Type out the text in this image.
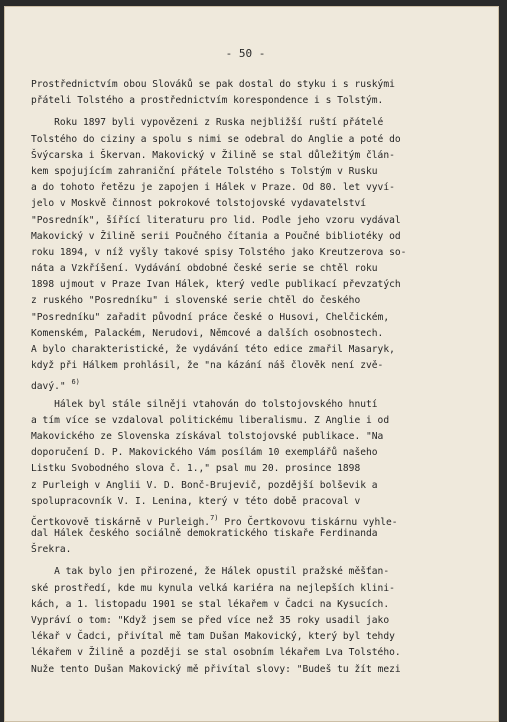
- 50 -
Prostřednictvím obou Slováků se pak dostal do styku i s ruskými
přáteli Tolstého a prostřednictvím korespondence i s Tolstým.
Roku 1897 byli vypovězeni z Ruska nejbližší ruští přátelé
Tolstého do ciziny a spolu s nimi se odebral do Anglie a poté do
Švýcarska i Škervan. Makovický v Žilině se stal důležitým člán-
kem spojujícím zahraniční přátele Tolstého s Tolstým v Rusku
a do tohoto řetězu je zapojen i Hálek v Praze. Od 80. let vyví-
jelo v Moskvě činnost pokrokové tolstojovské vydavatelství
"Posredník", šířící literaturu pro lid. Podle jeho vzoru vydával
Makovický v Žilině serii Poučného čítania a Poučné bibliotéky od
roku 1894, v níž vyšly takové spisy Tolstého jako Kreutzerova so-
náta a Vzkříšení. Vydávání obdobné české serie se chtěl roku
1898 ujmout v Praze Ivan Hálek, který vedle publikací převzatých
z ruského "Posredníku" i slovenské serie chtěl do českého
"Posredníku" zařadit původní práce české o Husovi, Chelčickém,
Komenském, Palackém, Nerudovi, Němcové a dalších osobnostech.
A bylo charakteristické, že vydávání této edice zmařil Masaryk,
když při Hálkem prohlásil, že "na kázání náš člověk není zvě-
davý." $^{6)}$
Hálek byl stále silněji vtahován do tolstojovského hnutí
a tím více se vzdaloval politickému liberalismu. Z Anglie i od
Makovického ze Slovenska získával tolstojovské publikace. "Na
doporučení D. P. Makovického Vám posílám 10 exemplářů našeho
Listku Svobodného slova č. 1.," psal mu 20. prosince 1898
z Purleigh v Anglii V. D. Bonč-Brujevič, pozdější bolševik a
spolupracovník V. I. Lenina, který v této době pracoval v
Čertkovově tiskárně v Purleigh.$^{7)}$ Pro Čertkovovu tiskárnu vyhle-
dal Hálek českého sociálně demokratického tiskaře Ferdinanda
Šrekra.
A tak bylo jen přirozené, že Hálek opustil pražské měšťan-
ské prostředí, kde mu kynula velká kariéra na nejlepších klini-
kách, a 1. listopadu 1901 se stal lékařem v Čadci na Kysucích.
Vypráví o tom: "Když jsem se před více než 35 roky usadil jako
lékař v Čadci, přivítal mě tam Dušan Makovický, který byl tehdy
lékařem v Žilině a později se stal osobním lékařem Lva Tolstého.
Nuže tento Dušan Makovický mě přivítal slovy: "Budeš tu žít mezi
